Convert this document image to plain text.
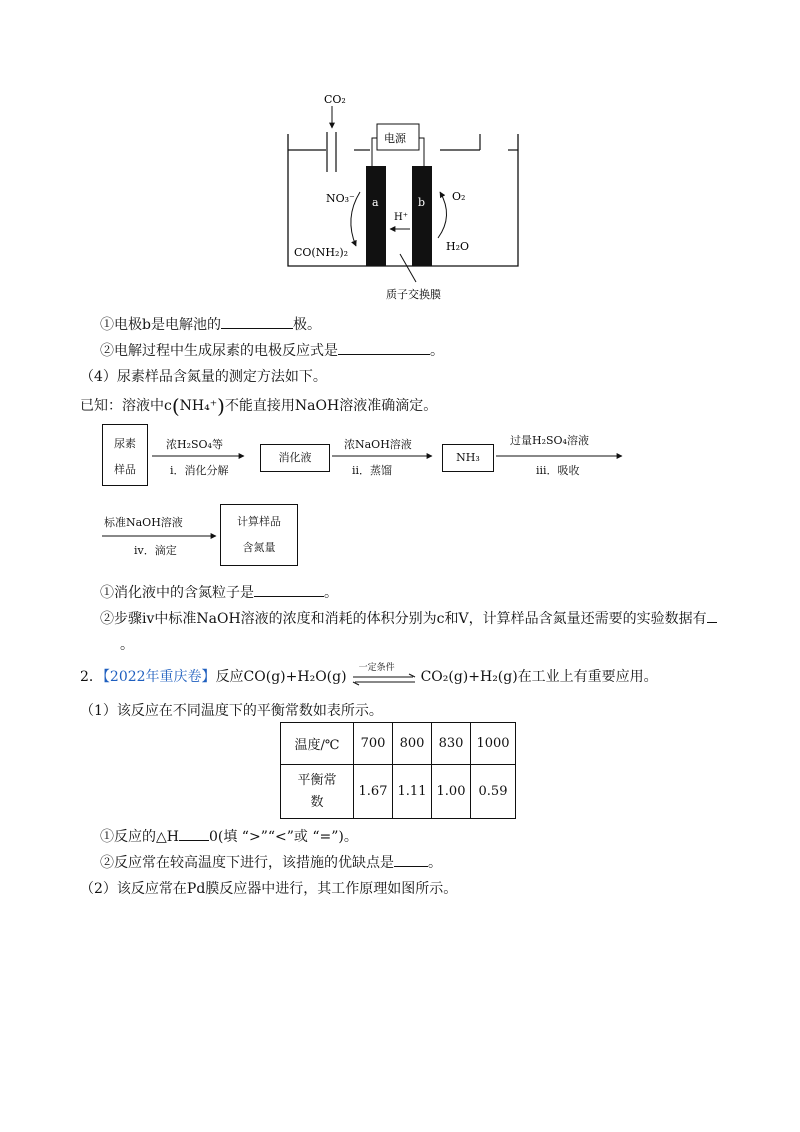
CO₂
电源
a	b
H⁺
NO₃⁻
CO(NH₂)₂
O₂
H₂O
质子交换膜
①电极b是电解池的	极。
②电解过程中生成尿素的电极反应式是	。
（4）尿素样品含氮量的测定方法如下。
已知：溶液中c(NH₄⁺)不能直接用NaOH溶液准确滴定。
尿素
样品
浓H₂SO₄等
i．消化分解
消化液
浓NaOH溶液
ii．蒸馏
NH₃
过量H₂SO₄溶液
iii．吸收
标准NaOH溶液
iv．滴定
计算样品
含氮量
①消化液中的含氮粒子是	。
②步骤iv中标准NaOH溶液的浓度和消耗的体积分别为c和V，计算样品含氮量还需要的实验数据有
。
2．【2022年重庆卷】反应CO(g)+H₂O(g)
一定条件
CO₂(g)+H₂(g)在工业上有重要应用。
（1）该反应在不同温度下的平衡常数如表所示。
温度/℃	700	800	830	1000

平衡常
数	1.67	1.11	1.00	0.59
①反应的△H 0(填 “>”“<”或 “=”)。
②反应常在较高温度下进行，该措施的优缺点是 。
（2）该反应常在Pd膜反应器中进行，其工作原理如图所示。
